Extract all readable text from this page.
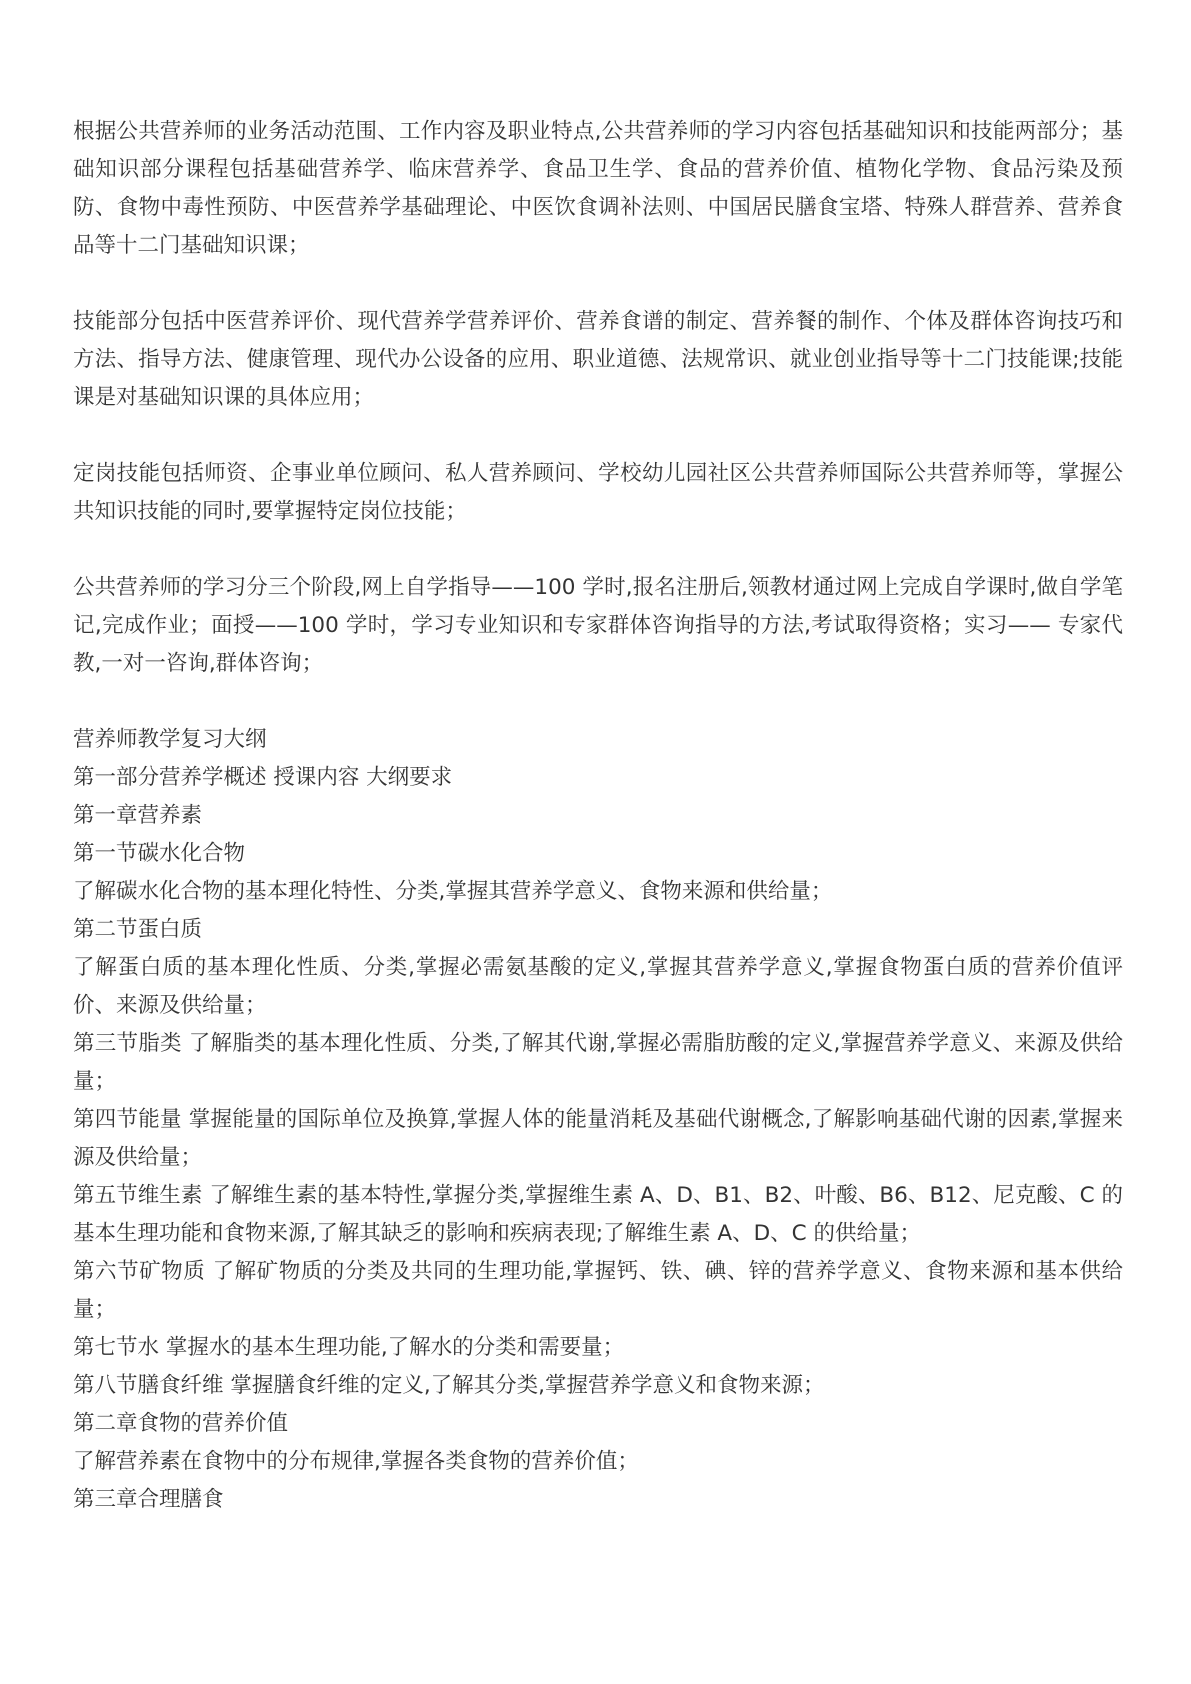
根据公共营养师的业务活动范围、工作内容及职业特点,公共营养师的学习内容包括基础知识和技能两部分；基础知识部分课程包括基础营养学、临床营养学、食品卫生学、食品的营养价值、植物化学物、食品污染及预防、食物中毒性预防、中医营养学基础理论、中医饮食调补法则、中国居民膳食宝塔、特殊人群营养、营养食品等十二门基础知识课；

技能部分包括中医营养评价、现代营养学营养评价、营养食谱的制定、营养餐的制作、个体及群体咨询技巧和方法、指导方法、健康管理、现代办公设备的应用、职业道德、法规常识、就业创业指导等十二门技能课;技能课是对基础知识课的具体应用；

定岗技能包括师资、企事业单位顾问、私人营养顾问、学校幼儿园社区公共营养师国际公共营养师等，掌握公共知识技能的同时,要掌握特定岗位技能；

公共营养师的学习分三个阶段,网上自学指导——100 学时,报名注册后,领教材通过网上完成自学课时,做自学笔记,完成作业；面授——100 学时，学习专业知识和专家群体咨询指导的方法,考试取得资格；实习—— 专家代教,一对一咨询,群体咨询；

营养师教学复习大纲

第一部分营养学概述 授课内容 大纲要求

第一章营养素

第一节碳水化合物

了解碳水化合物的基本理化特性、分类,掌握其营养学意义、食物来源和供给量；

第二节蛋白质

了解蛋白质的基本理化性质、分类,掌握必需氨基酸的定义,掌握其营养学意义,掌握食物蛋白质的营养价值评价、来源及供给量；

第三节脂类 了解脂类的基本理化性质、分类,了解其代谢,掌握必需脂肪酸的定义,掌握营养学意义、来源及供给量；

第四节能量 掌握能量的国际单位及换算,掌握人体的能量消耗及基础代谢概念,了解影响基础代谢的因素,掌握来源及供给量；

第五节维生素 了解维生素的基本特性,掌握分类,掌握维生素 A、D、B1、B2、叶酸、B6、B12、尼克酸、C 的基本生理功能和食物来源,了解其缺乏的影响和疾病表现;了解维生素 A、D、C 的供给量；

第六节矿物质 了解矿物质的分类及共同的生理功能,掌握钙、铁、碘、锌的营养学意义、食物来源和基本供给量；

第七节水 掌握水的基本生理功能,了解水的分类和需要量；

第八节膳食纤维 掌握膳食纤维的定义,了解其分类,掌握营养学意义和食物来源；

第二章食物的营养价值

了解营养素在食物中的分布规律,掌握各类食物的营养价值；

第三章合理膳食
